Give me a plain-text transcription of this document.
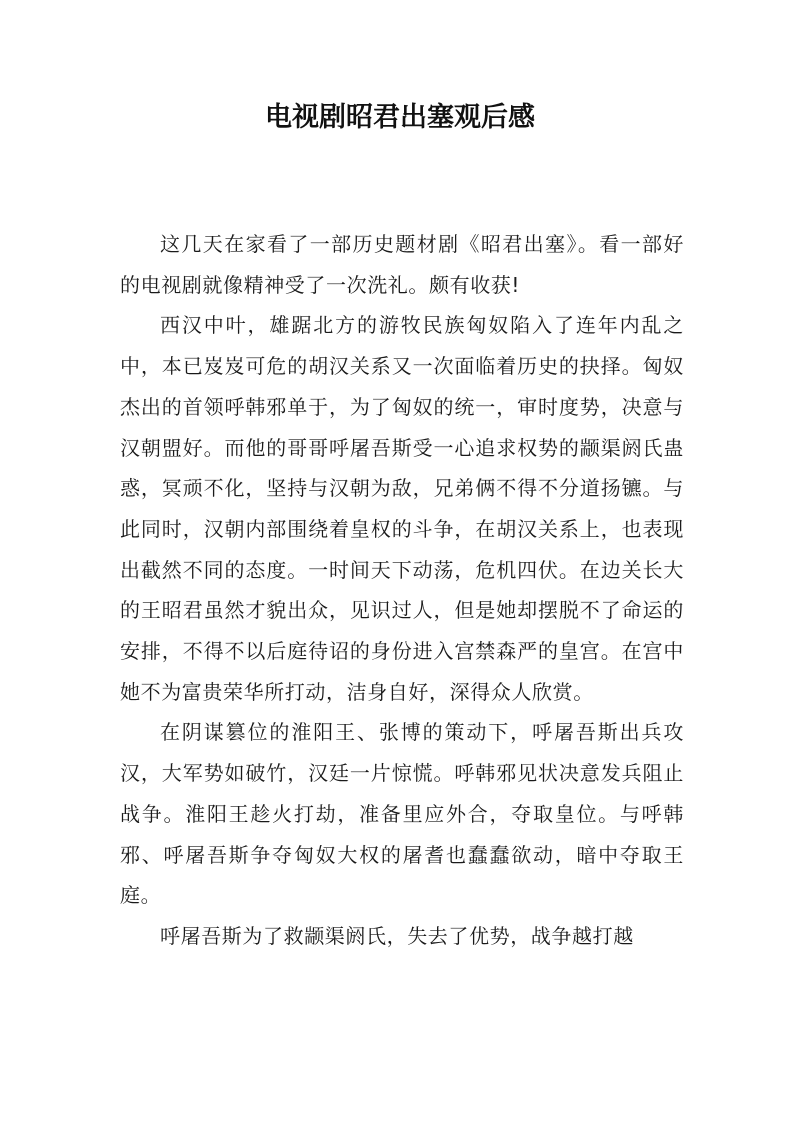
电视剧昭君出塞观后感

这几天在家看了一部历史题材剧《昭君出塞》。看一部好的电视剧就像精神受了一次洗礼。颇有收获!

西汉中叶，雄踞北方的游牧民族匈奴陷入了连年内乱之中，本已岌岌可危的胡汉关系又一次面临着历史的抉择。匈奴杰出的首领呼韩邪单于，为了匈奴的统一，审时度势，决意与汉朝盟好。而他的哥哥呼屠吾斯受一心追求权势的颛渠阏氏蛊惑，冥顽不化，坚持与汉朝为敌，兄弟俩不得不分道扬镳。与此同时，汉朝内部围绕着皇权的斗争，在胡汉关系上，也表现出截然不同的态度。一时间天下动荡，危机四伏。在边关长大的王昭君虽然才貌出众，见识过人，但是她却摆脱不了命运的安排，不得不以后庭待诏的身份进入宫禁森严的皇宫。在宫中她不为富贵荣华所打动，洁身自好，深得众人欣赏。

在阴谋篡位的淮阳王、张博的策动下，呼屠吾斯出兵攻汉，大军势如破竹，汉廷一片惊慌。呼韩邪见状决意发兵阻止战争。淮阳王趁火打劫，准备里应外合，夺取皇位。与呼韩邪、呼屠吾斯争夺匈奴大权的屠耆也蠢蠢欲动，暗中夺取王庭。

呼屠吾斯为了救颛渠阏氏，失去了优势，战争越打越
